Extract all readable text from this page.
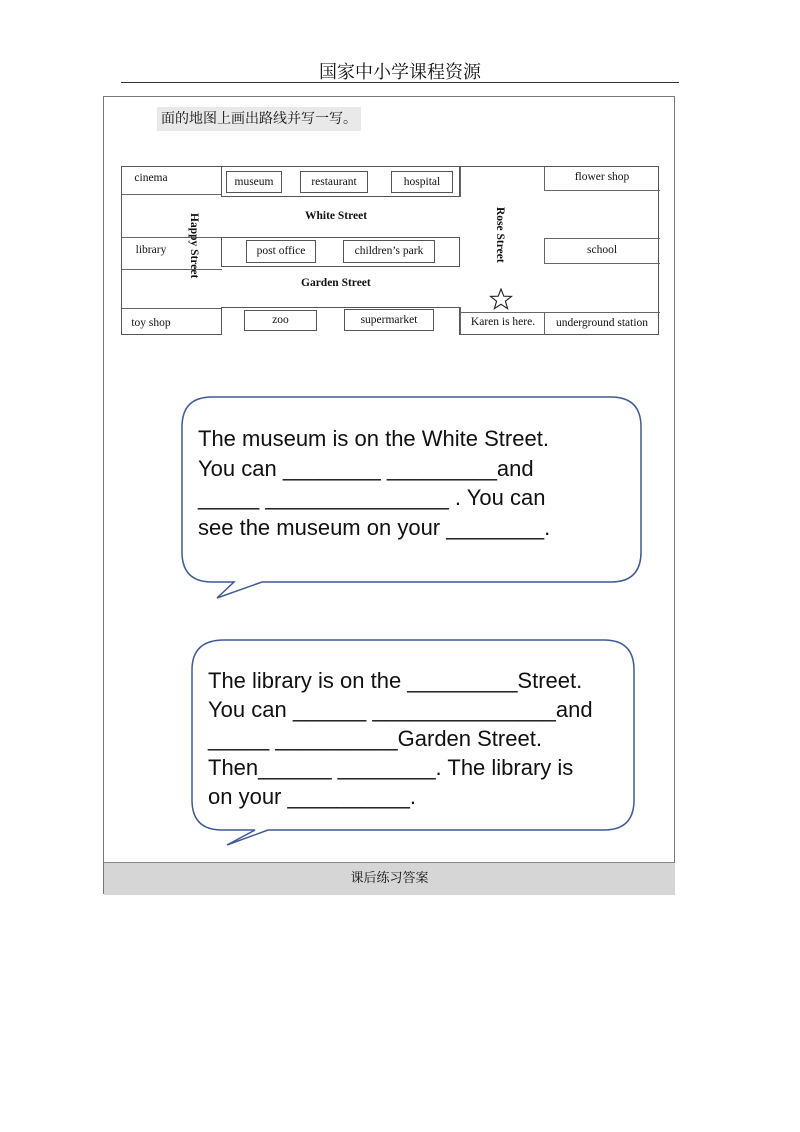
国家中小学课程资源
面的地图上画出路线并写一写。
cinema	museum	restaurant	hospital	flower shop
library	post office	children’s park	school
toy shop	zoo	supermarket	underground station
White Street
Garden Street
Happy Street	Rose Street
Karen is here.
The museum is on the White Street.
You can ________ _________and
_____ _______________ . You can
see the museum on your ________.
The library is on the _________Street.
You can ______ _______________and
_____ __________Garden Street.
Then______ ________. The library is
on your __________.
课后练习答案
